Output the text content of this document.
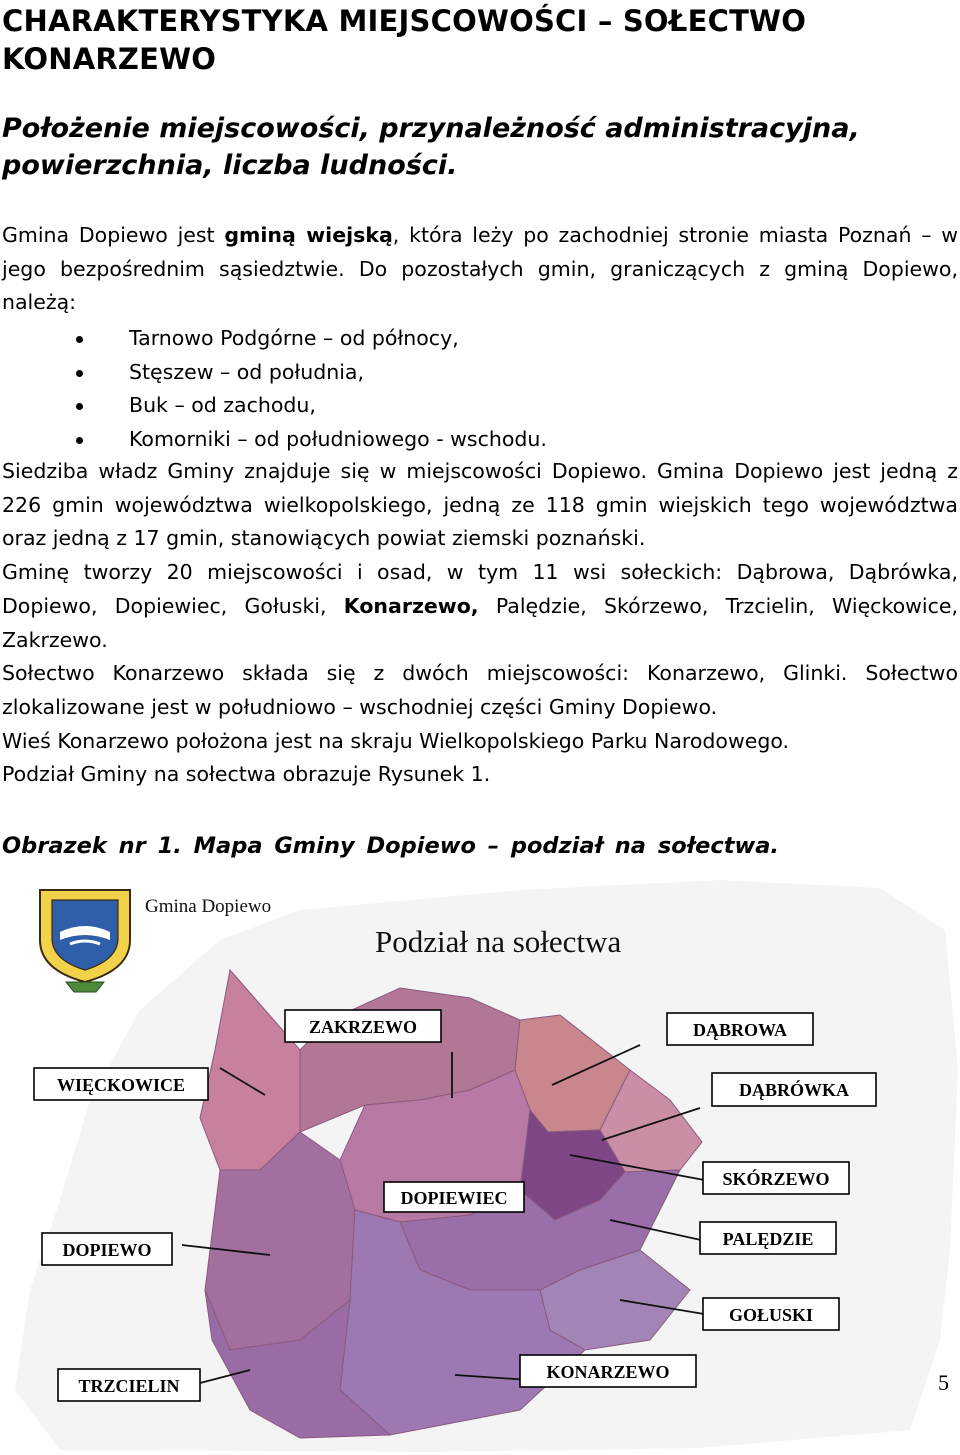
CHARAKTERYSTYKA MIEJSCOWOŚCI – SOŁECTWO KONARZEWO
Położenie miejscowości, przynależność administracyjna, powierzchnia, liczba ludności.

Gmina Dopiewo jest gminą wiejską, która leży po zachodniej stronie miasta Poznań – w jego bezpośrednim sąsiedztwie. Do pozostałych gmin, graniczących z gminą Dopiewo, należą:

Tarnowo Podgórne – od północy,
Stęszew – od południa,
Buk – od zachodu,
Komorniki – od południowego - wschodu.
Siedziba władz Gminy znajduje się w miejscowości Dopiewo. Gmina Dopiewo jest jedną z 226 gmin województwa wielkopolskiego, jedną ze 118 gmin wiejskich tego województwa oraz jedną z 17 gmin, stanowiących powiat ziemski poznański.
Gminę tworzy 20 miejscowości i osad, w tym 11 wsi sołeckich: Dąbrowa, Dąbrówka, Dopiewo, Dopiewiec, Gołuski, Konarzewo, Palędzie, Skórzewo, Trzcielin, Więckowice, Zakrzewo.
Sołectwo Konarzewo składa się z dwóch miejscowości: Konarzewo, Glinki. Sołectwo zlokalizowane jest w południowo – wschodniej części Gminy Dopiewo.
Wieś Konarzewo położona jest na skraju Wielkopolskiego Parku Narodowego.
Podział Gminy na sołectwa obrazuje Rysunek 1.
Obrazek nr 1. Mapa Gminy Dopiewo – podział na sołectwa.
Gmina Dopiewo
Podział na sołectwa
ZAKRZEWO	DĄBROWA
WIĘCKOWICE	DĄBRÓWKA
DOPIEWIEC
SKÓRZEWO
DOPIEWO
PALĘDZIE
GOŁUSKI
KONARZEWO
TRZCIELIN	5
